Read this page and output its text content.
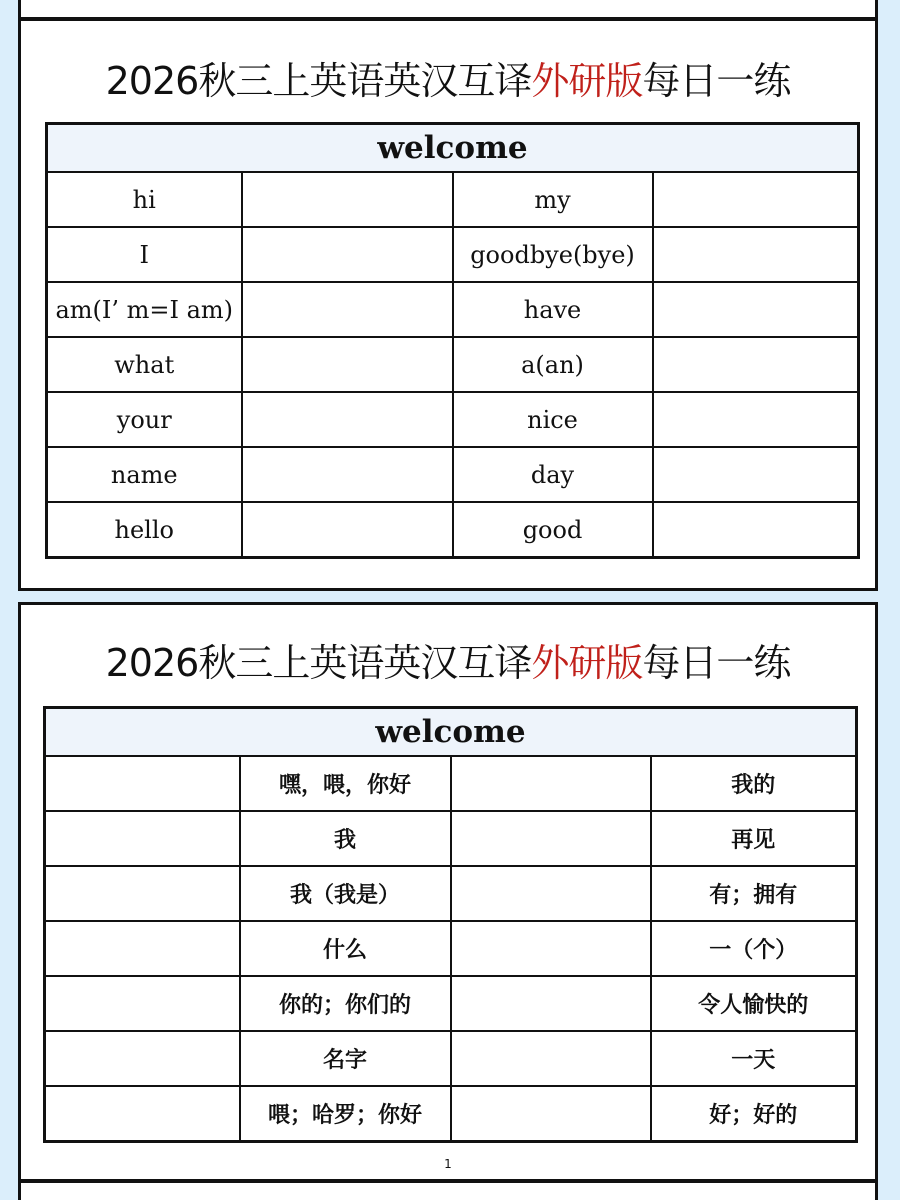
2026秋三上英语英汉互译外研版每日一练
welcome			
hi		my	
I		goodbye(bye)	
am(I’ m=I am)		have	
what		a(an)	
your		nice	
name		day	
hello		good	
2026秋三上英语英汉互译外研版每日一练
welcome			
	嘿，喂，你好		我的
	我		再见
	我（我是）		有；拥有
	什么		一（个）
	你的；你们的		令人愉快的
	名字		一天
	喂；哈罗；你好		好；好的
1
